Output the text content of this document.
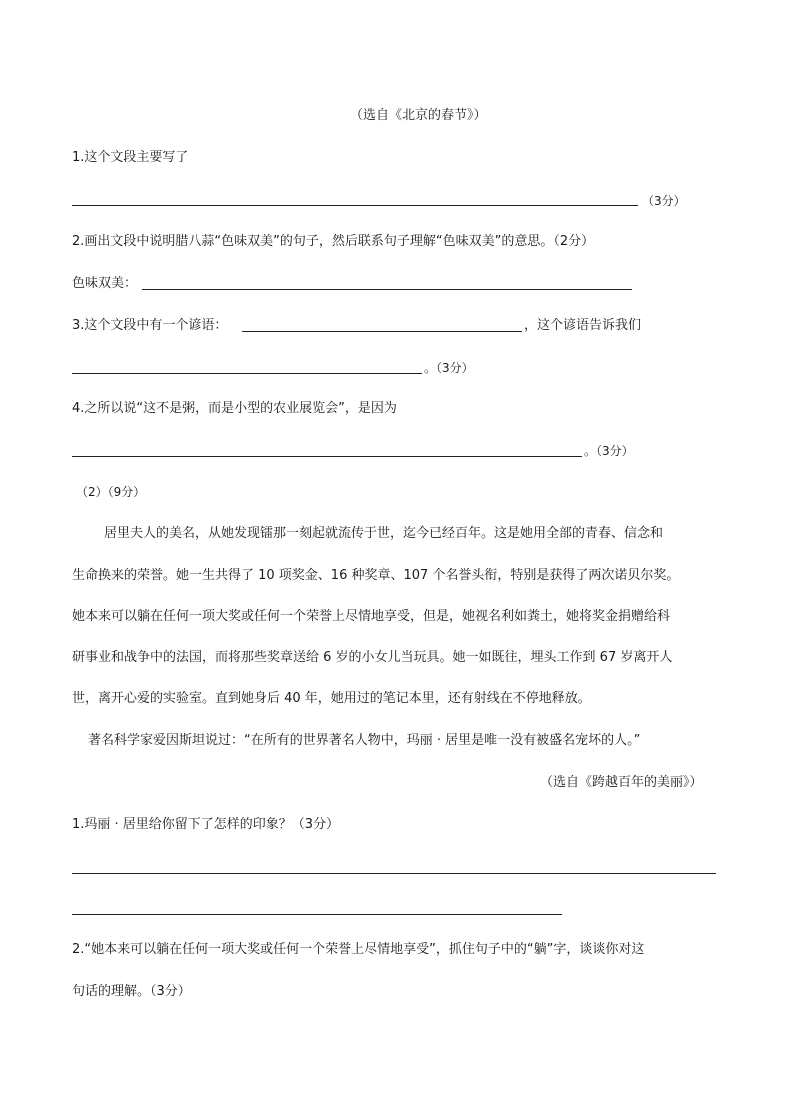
（选自《北京的春节》）
1.这个文段主要写了
（3分）
2.画出文段中说明腊八蒜“色味双美”的句子，然后联系句子理解“色味双美”的意思。（2分）
色味双美：
3.这个文段中有一个谚语：	，这个谚语告诉我们
。（3分）
4.之所以说“这不是粥，而是小型的农业展览会”，是因为
。（3分）
（2）（9分）
居里夫人的美名，从她发现镭那一刻起就流传于世，迄今已经百年。这是她用全部的青春、信念和
生命换来的荣誉。她一生共得了 10 项奖金、16 种奖章、107 个名誉头衔，特别是获得了两次诺贝尔奖。
她本来可以躺在任何一项大奖或任何一个荣誉上尽情地享受，但是，她视名利如粪土，她将奖金捐赠给科
研事业和战争中的法国，而将那些奖章送给 6 岁的小女儿当玩具。她一如既往，埋头工作到 67 岁离开人
世，离开心爱的实验室。直到她身后 40 年，她用过的笔记本里，还有射线在不停地释放。
著名科学家爱因斯坦说过：“在所有的世界著名人物中，玛丽 · 居里是唯一没有被盛名宠坏的人。”
（选自《跨越百年的美丽》）
1.玛丽 · 居里给你留下了怎样的印象？（3分）
2.“她本来可以躺在任何一项大奖或任何一个荣誉上尽情地享受”，抓住句子中的“躺”字，谈谈你对这
句话的理解。（3分）
